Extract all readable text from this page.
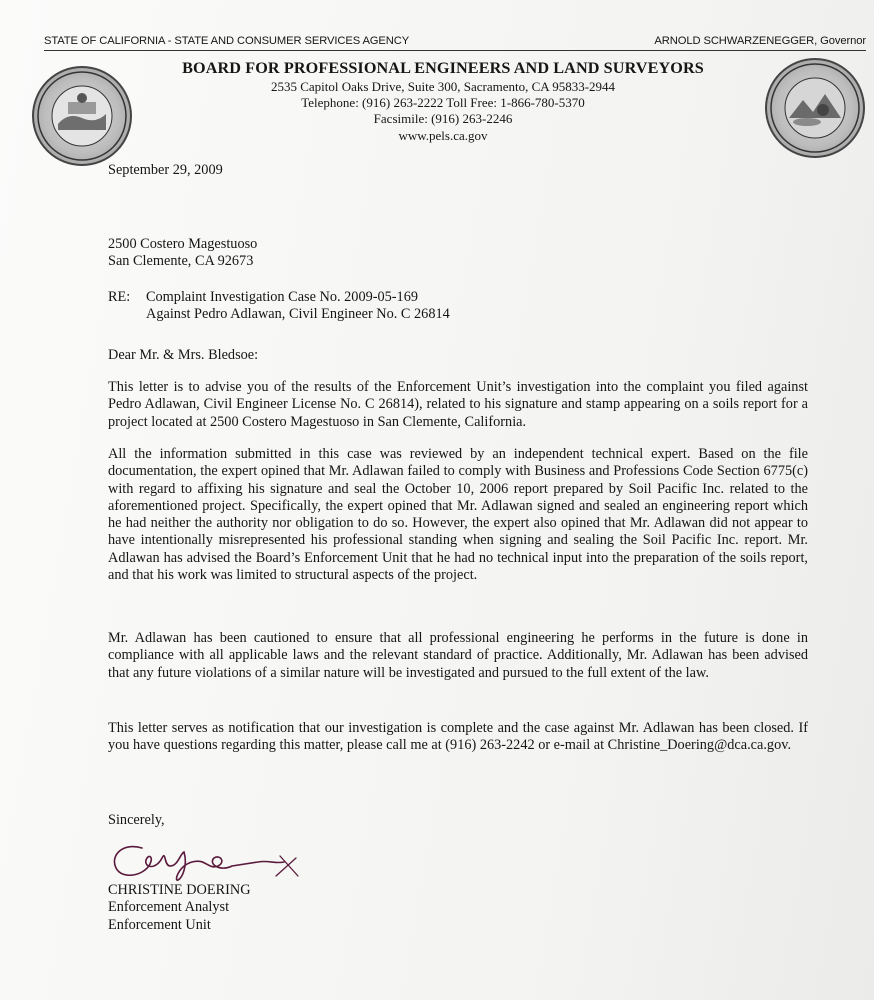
STATE OF CALIFORNIA - STATE AND CONSUMER SERVICES AGENCY	ARNOLD SCHWARZENEGGER, Governor
BOARD FOR PROFESSIONAL ENGINEERS AND LAND SURVEYORS
2535 Capitol Oaks Drive, Suite 300, Sacramento, CA 95833-2944
Telephone: (916) 263-2222 Toll Free: 1-866-780-5370
Facsimile: (916) 263-2246
www.pels.ca.gov
September 29, 2009
2500 Costero Magestuoso
San Clemente, CA 92673
RE: Complaint Investigation Case No. 2009-05-169
Against Pedro Adlawan, Civil Engineer No. C 26814
Dear Mr. & Mrs. Bledsoe:

This letter is to advise you of the results of the Enforcement Unit’s investigation into the complaint you filed against Pedro Adlawan, Civil Engineer License No. C 26814), related to his signature and stamp appearing on a soils report for a project located at 2500 Costero Magestuoso in San Clemente, California.

All the information submitted in this case was reviewed by an independent technical expert. Based on the file documentation, the expert opined that Mr. Adlawan failed to comply with Business and Professions Code Section 6775(c) with regard to affixing his signature and seal the October 10, 2006 report prepared by Soil Pacific Inc. related to the aforementioned project. Specifically, the expert opined that Mr. Adlawan signed and sealed an engineering report which he had neither the authority nor obligation to do so. However, the expert also opined that Mr. Adlawan did not appear to have intentionally misrepresented his professional standing when signing and sealing the Soil Pacific Inc. report. Mr. Adlawan has advised the Board’s Enforcement Unit that he had no technical input into the preparation of the soils report, and that his work was limited to structural aspects of the project.

Mr. Adlawan has been cautioned to ensure that all professional engineering he performs in the future is done in compliance with all applicable laws and the relevant standard of practice. Additionally, Mr. Adlawan has been advised that any future violations of a similar nature will be investigated and pursued to the full extent of the law.

This letter serves as notification that our investigation is complete and the case against Mr. Adlawan has been closed. If you have questions regarding this matter, please call me at (916) 263-2242 or e-mail at Christine_Doering@dca.ca.gov.

Sincerely,
CHRISTINE DOERING
Enforcement Analyst
Enforcement Unit
